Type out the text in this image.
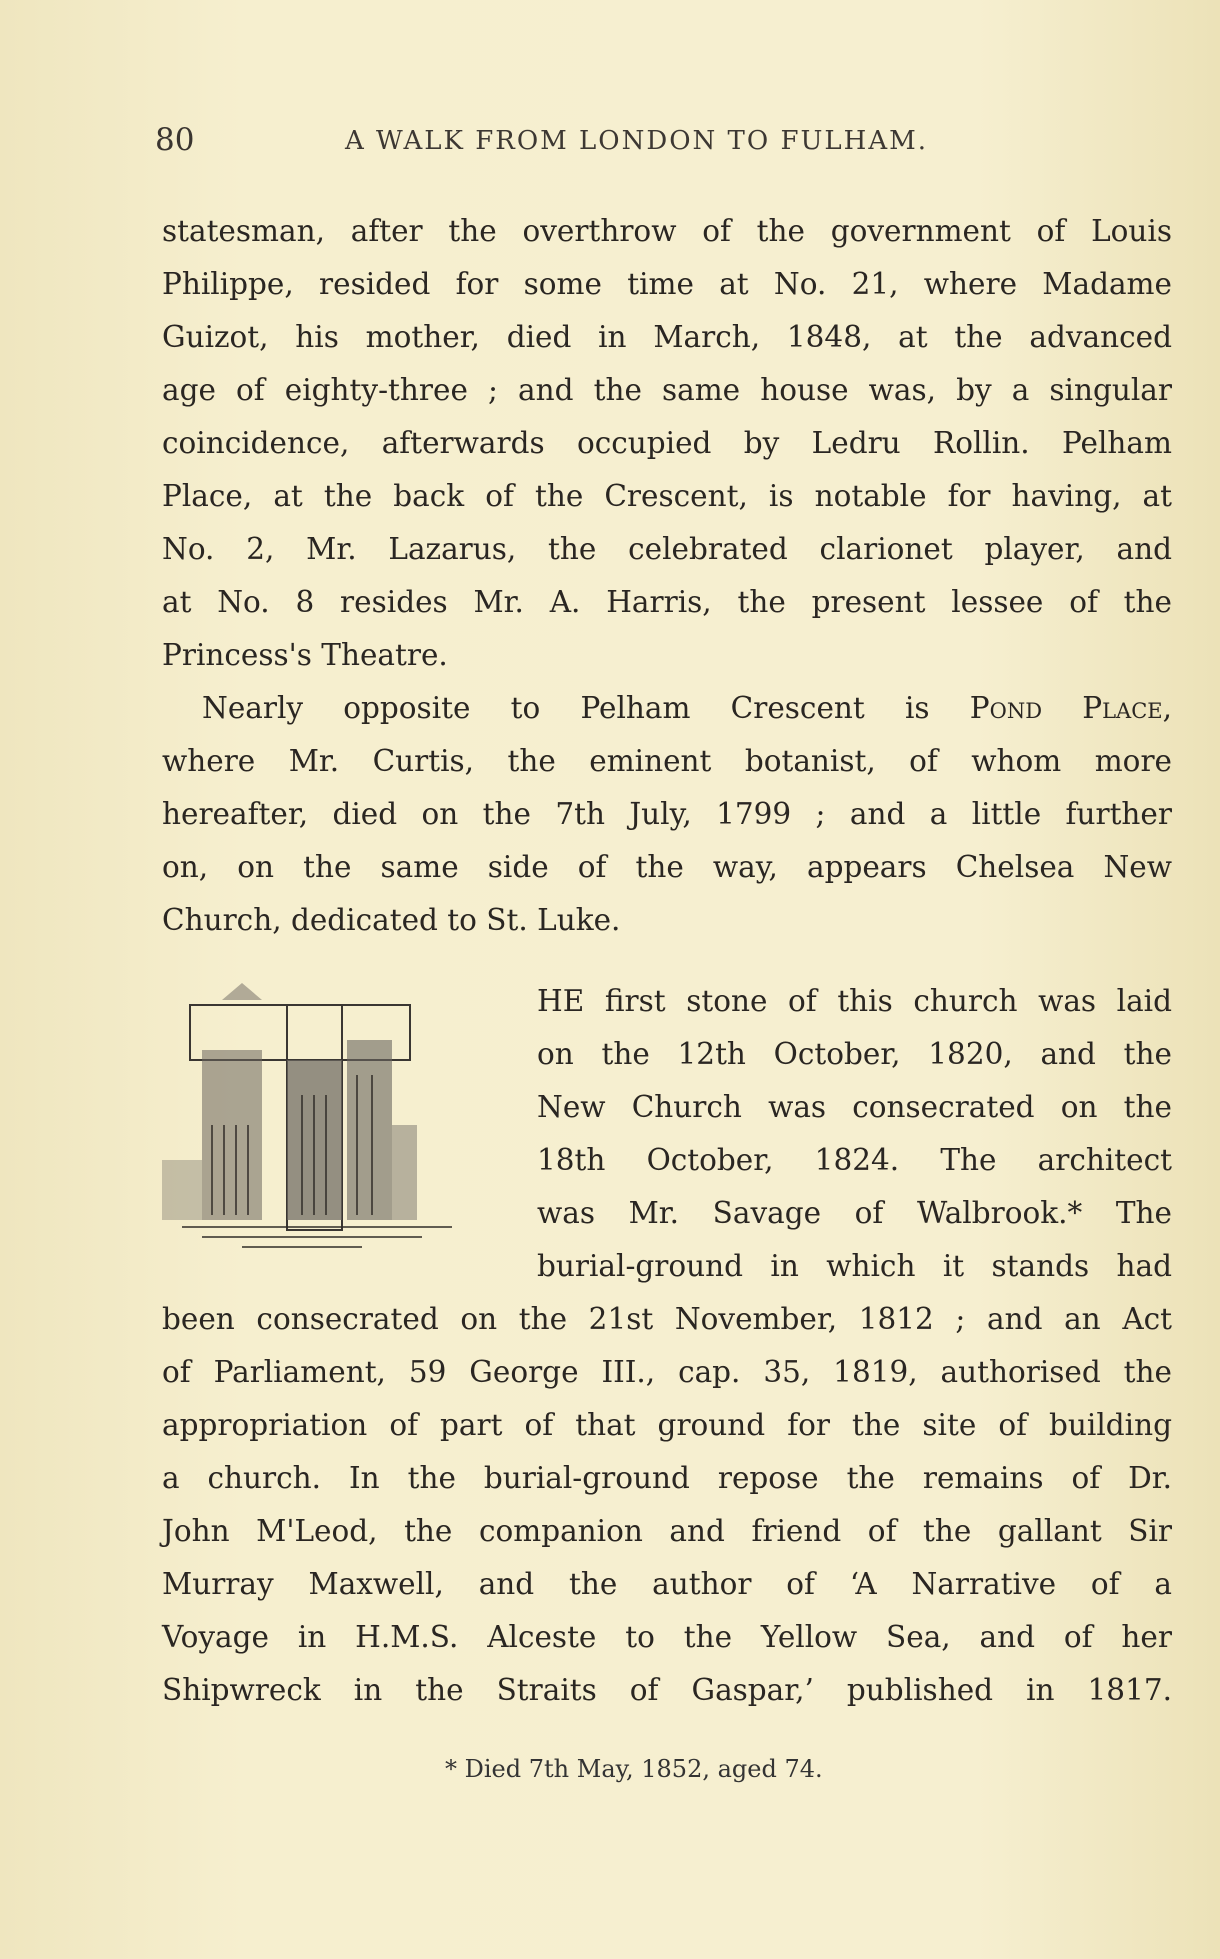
80	A WALK FROM LONDON TO FULHAM.
statesman, after the overthrow of the government of Louis
Philippe, resided for some time at No. 21, where Madame
Guizot, his mother, died in March, 1848, at the advanced
age of eighty-three ; and the same house was, by a singular
coincidence, afterwards occupied by Ledru Rollin. Pelham
Place, at the back of the Crescent, is notable for having, at
No. 2, Mr. Lazarus, the celebrated clarionet player, and
at No. 8 resides Mr. A. Harris, the present lessee of the
Princess's Theatre.
Nearly opposite to Pelham Crescent is Pond Place,
where Mr. Curtis, the eminent botanist, of whom more
hereafter, died on the 7th July, 1799 ; and a little further
on, on the same side of the way, appears Chelsea New
Church, dedicated to St. Luke.
HE first stone of this church was laid
on the 12th October, 1820, and the
New Church was consecrated on the
18th October, 1824. The architect
was Mr. Savage of Walbrook.* The
burial-ground in which it stands had
been consecrated on the 21st November, 1812 ; and an Act
of Parliament, 59 George III., cap. 35, 1819, authorised the
appropriation of part of that ground for the site of building
a church. In the burial-ground repose the remains of Dr.
John M'Leod, the companion and friend of the gallant Sir
Murray Maxwell, and the author of ‘A Narrative of a
Voyage in H.M.S. Alceste to the Yellow Sea, and of her
Shipwreck in the Straits of Gaspar,’ published in 1817.
* Died 7th May, 1852, aged 74.
